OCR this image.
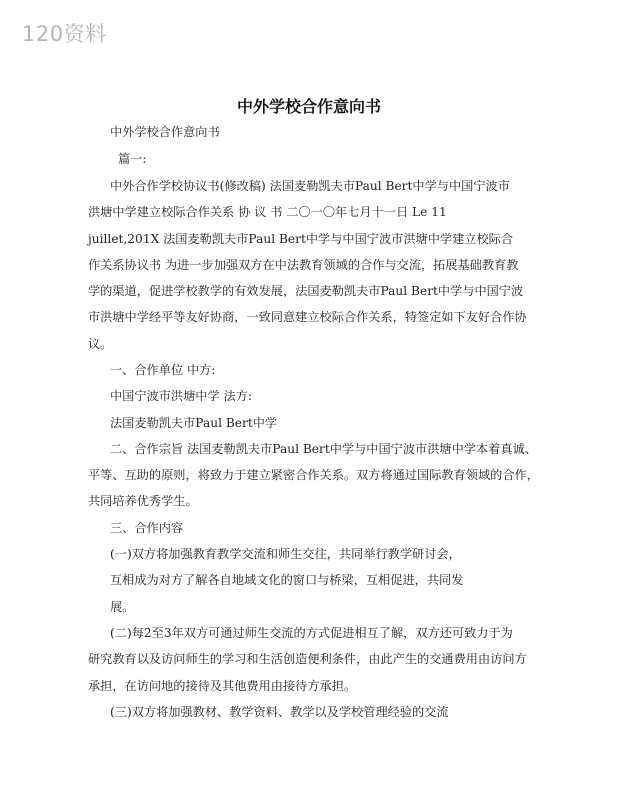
120资料
中外学校合作意向书
中外学校合作意向书
篇一:
中外合作学校协议书(修改稿) 法国麦勒凯夫市Paul Bert中学与中国宁波市
洪塘中学建立校际合作关系 协 议 书 二〇一〇年七月十一日 Le 11
juillet,201X 法国麦勒凯夫市Paul Bert中学与中国宁波市洪塘中学建立校际合
作关系协议书 为进一步加强双方在中法教育领域的合作与交流，拓展基础教育教
学的渠道，促进学校教学的有效发展，法国麦勒凯夫市Paul Bert中学与中国宁波
市洪塘中学经平等友好协商，一致同意建立校际合作关系，特签定如下友好合作协
议。
一、合作单位 中方:
中国宁波市洪塘中学 法方:
法国麦勒凯夫市Paul Bert中学
二、合作宗旨 法国麦勒凯夫市Paul Bert中学与中国宁波市洪塘中学本着真诚、
平等、互助的原则，将致力于建立紧密合作关系。双方将通过国际教育领域的合作，
共同培养优秀学生。
三、合作内容
(一)双方将加强教育教学交流和师生交往，共同举行教学研讨会，
互相成为对方了解各自地域文化的窗口与桥梁，互相促进，共同发
展。
(二)每2至3年双方可通过师生交流的方式促进相互了解，双方还可致力于为
研究教育以及访问师生的学习和生活创造便利条件，由此产生的交通费用由访问方
承担，在访问地的接待及其他费用由接待方承担。
(三)双方将加强教材、教学资料、教学以及学校管理经验的交流
